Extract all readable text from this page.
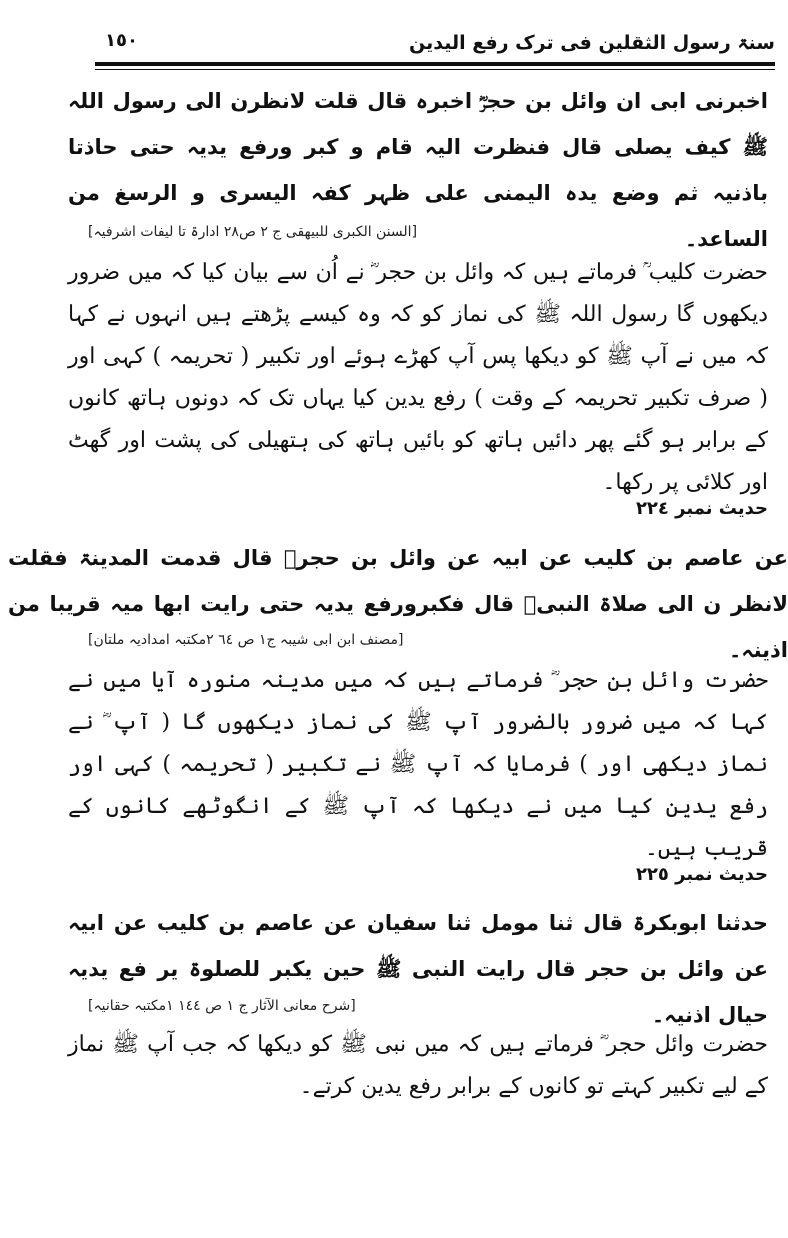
سنۃ رسول الثقلین فی ترک رفع الیدین
١٥٠
اخبرنی ابی ان وائل بن حجرؓ اخبرہ قال قلت لانظرن الی رسول اللہ ﷺ کیف یصلی قال فنظرت الیہ قام و کبر ورفع یدیہ حتی حاذتا باذنیہ ثم وضع یدہ الیمنی علی ظہر کفہ الیسری و الرسغ من الساعد۔
[السنن الکبری للبیھقی ج ۲ ص۲۸ ادارۃ تا لیفات اشرفیہ]
حضرت کلیب ؒ فرماتے ہیں کہ وائل بن حجر ؓ نے اُن سے بیان کیا کہ میں ضرور دیکھوں گا رسول اللہ ﷺ کی نماز کو کہ وہ کیسے پڑھتے ہیں انہوں نے کہا کہ میں نے آپ ﷺ کو دیکھا پس آپ کھڑے ہوئے اور تکبیر ( تحریمہ ) کہی اور ( صرف تکبیر تحریمہ کے وقت ) رفع یدین کیا یہاں تک کہ دونوں ہاتھ کانوں کے برابر ہو گئے پھر دائیں ہاتھ کو بائیں ہاتھ کی ہتھیلی کی پشت اور گھٹ اور کلائی پر رکھا۔
حدیث نمبر ۲۲٤
عن عاصم بن کلیب عن ابیہ عن وائل بن حجرؓ قال قدمت المدینۃ فقلت لانظر ن الی صلاۃ النبیؐ قال فکبرورفع یدیہ حتی رایت ابھا میہ قریبا من اذینہ۔
[مصنف ابن ابی شیبہ ج۱ ص ٦٤ ۲مکتبہ امدادیہ ملتان]
حضرت وائل بن حجر ؓ فرماتے ہیں کہ میں مدینہ منورہ آیا میں نے کہا کہ میں ضرور بالضرور آپ ﷺ کی نماز دیکھوں گا ( آپ ؓ نے نماز دیکھی اور ) فرمایا کہ آپ ﷺ نے تکبیر ( تحریمہ ) کہی اور رفع یدین کیا میں نے دیکھا کہ آپ ﷺ کے انگوٹھے کانوں کے قریب ہیں۔
حدیث نمبر ۲۲٥
حدثنا ابوبکرۃ قال ثنا مومل ثنا سفیان عن عاصم بن کلیب عن ابیہ عن وائل بن حجر قال رایت النبی ﷺ حین یکبر للصلوۃ یر فع یدیہ حیال اذنیہ۔
[شرح معانی الآثار ج ۱ ص ١٤٤ ۱مکتبہ حقانیہ]
حضرت وائل حجر ؓ فرماتے ہیں کہ میں نبی ﷺ کو دیکھا کہ جب آپ ﷺ نماز کے لیے تکبیر کہتے تو کانوں کے برابر رفع یدین کرتے۔
